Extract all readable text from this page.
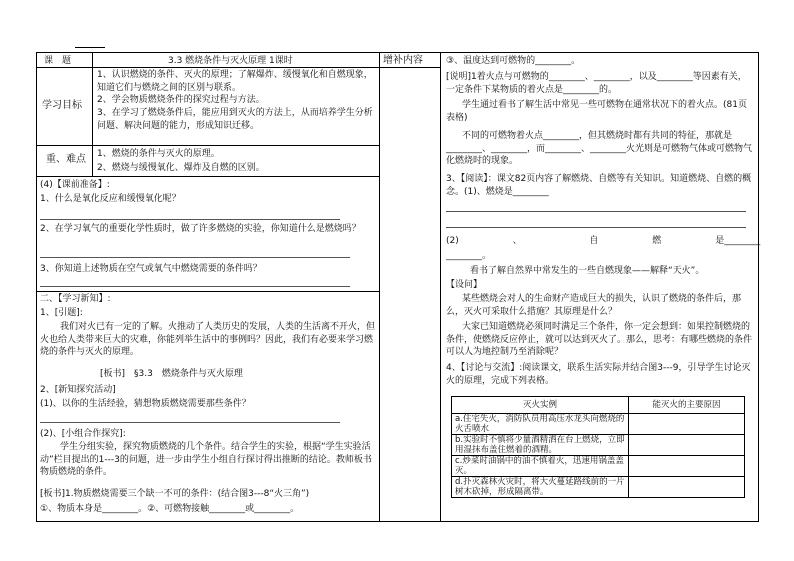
课　题	3.3 燃烧条件与灭火原理 1课时	增补内容
学习目标
1、认识燃烧的条件、灭火的原理；了解爆炸、缓慢氧化和自燃现象，知道它们与燃烧之间的区别与联系。
2、学会物质燃烧条件的探究过程与方法。
3、在学习了燃烧条件后，能应用到灭火的方法上，从而培养学生分析问题、解决问题的能力，形成知识迁移。
重、难点 1、燃烧的条件与灭火的原理。
2、燃烧与缓慢氧化、爆炸及自燃的区别。
(4)【课前准备】:
1、什么是氧化反应和缓慢氧化呢？
2、在学习氧气的重要化学性质时，做了许多燃烧的实验，你知道什么是燃烧吗？
3、你知道上述物质在空气或氧气中燃烧需要的条件吗？
二、【学习新知】:
1、[引题]:
我们对火已有一定的了解。火推动了人类历史的发展，人类的生活离不开火，但火也给人类带来巨大的灾难，你能列举生活中的事例吗？因此，我们有必要来学习燃烧的条件与灭火的原理。
[板书]　§3.3　燃烧条件与灭火原理
2、[新知探究活动]
(1)、以你的生活经验，猜想物质燃烧需要那些条件？
(2)、[小组合作探究]:
学生分组实验，探究物质燃烧的几个条件。结合学生的实验，根据“学生实验活动”栏目提出的1---3的问题，进一步由学生小组自行探讨得出推断的结论。教师板书物质燃烧的条件。
[板书]1.物质燃烧需要三个缺一不可的条件：(结合图3---8“火三角”)
①、物质本身是________。②、可燃物接触________或________。
③、温度达到可燃物的________。
[说明]1着火点与可燃物的________、________，以及________等因素有关，一定条件下某物质的着火点是________的。
学生通过看书了解生活中常见一些可燃物在通常状况下的着火点。(81页表格)
不同的可燃物着火点________，但其燃烧时都有共同的特征，那就是________、________，而________、________火光则是可燃物气体或可燃物气化燃烧时的现象。
3、【阅读】：课文82页内容了解燃烧、自燃等有关知识。知道燃烧、自燃的概念。(1)、燃烧是________
(2)　　　　　　、　　　　　　　　自　　　　　　燃　　　　　　是________
________。
看书了解自然界中常发生的一些自燃现象——解释“天火”。
【设问】
某些燃烧会对人的生命财产造成巨大的损失，认识了燃烧的条件后，那么，灭火可采取什么措施？其原理是什么？
大家已知道燃烧必须同时满足三个条件，你一定会想到：如果控制燃烧的条件，使燃烧反应停止，就可以达到灭火了。那么，思考：有哪些燃烧的条件可以人为地控制乃至消除呢？
4、【讨论与交流】:阅读课文，联系生活实际并结合图3---9，引导学生讨论灭火的原理，完成下列表格。
灭火实例	能灭火的主要原因
a.住宅失火，消防队员用高压水龙头向燃烧的火舌喷水	
b.实验时不慎将少量酒精洒在台上燃烧，立即用湿抹布盖住燃着的酒精。	
c.炒菜时油锅中的油不慎着火，迅速用锅盖盖灭。	
d.扑灭森林火灾时，将大火蔓延路线前的一片树木砍掉，形成隔离带。	
